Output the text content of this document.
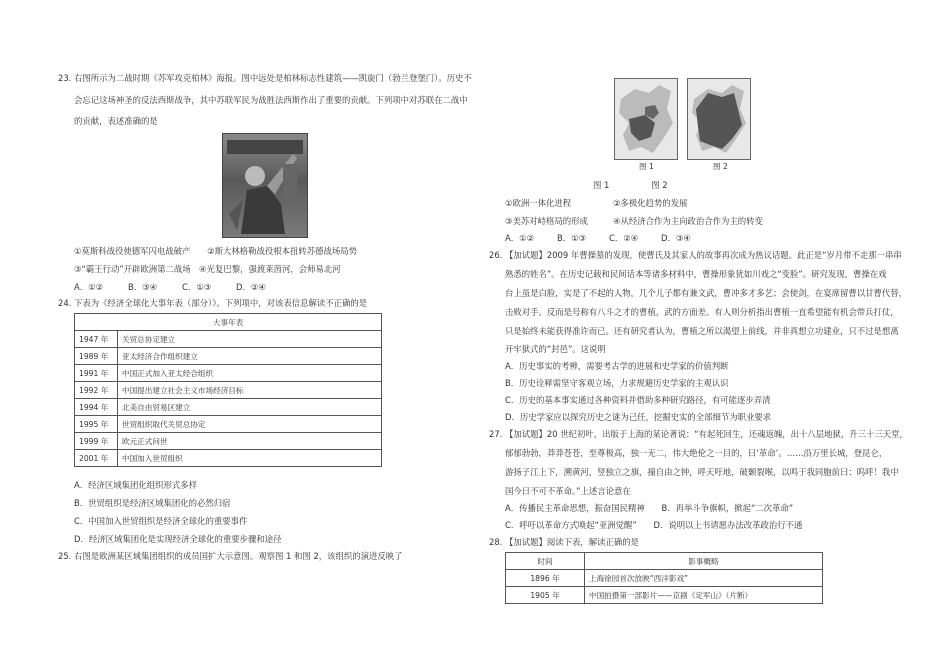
23. 右图所示为二战时期《苏军攻克柏林》海报。图中远处是柏林标志性建筑——凯旋门（勃兰登堡门）。历史不
会忘记这场神圣的反法西斯战争，其中苏联军民为战胜法西斯作出了重要的贡献。下列项中对苏联在二战中
的贡献，表述准确的是
①莫斯科战役使德军闪电战破产　　②斯大林格勒战役根本扭转苏德战场局势
③“霸王行动”开辟欧洲第二战场　④光复巴黎，强渡莱茵河，会师易北河
A．①②	B．③④	C．①③	D．②④
24. 下表为《经济全球化大事年表（部分）》。下列项中，对该表信息解读不正确的是
大事年表	
1947 年	关贸总协定建立
1989 年	亚太经济合作组织建立
1991 年	中国正式加入亚太经合组织
1992 年	中国提出建立社会主义市场经济目标
1994 年	北美自由贸易区建立
1995 年	世贸组织取代关贸总协定
1999 年	欧元正式问世
2001 年	中国加入世贸组织
A．经济区域集团化组织形式多样
B．世贸组织是经济区域集团化的必然归宿
C．中国加入世贸组织是经济全球化的重要事件
D．经济区域集团化是实现经济全球化的重要步骤和途径
25. 右图是欧洲某区域集团组织的成员国扩大示意图。观察图 1 和图 2，该组织的演进反映了
图 1	图 2
图 1　　　　　图 2
①欧洲一体化进程　　　　　②多极化趋势的发展
③美苏对峙格局的形成　　　④从经济合作为主向政治合作为主的转变
A．①②	B．①③	C．②④	D．③④
26. 【加试题】2009 年曹操墓的发现，使曹氏及其家人的故事再次成为热议话题。此正是“岁月带不走那一串串
熟悉的姓名”。在历史记载和民间话本等诸多材料中，曹操形象犹如川戏之“变脸”。研究发现，曹操在戏
台上虽是白脸，实是了不起的人物，几个儿子都有兼文武，曹冲多才多艺；会使剑，在宴席留曹以甘曹代替，
击败对手。反而是号称有八斗之才的曹植，武的方面差。有人则分析指出曹植一直希望能有机会带兵打仗，
只是始终未能获得准许而已。还有研究者认为，曹植之所以渴望上前线，并非真想立功建业，只不过是想离
开牢狱式的“封邑”。这说明
A．历史事实的考辨，需要考古学的进展和史学家的价值判断
B．历史诠释需坚守客观立场，力求规避历史学家的主观认识
C．历史的基本事实通过各种资料并借助多种研究路径，有可能逐步弄清
D．历史学家应以探究历史之谜为己任，挖掘史实的全部细节为职业要求
27. 【加试题】20 世纪初叶，出版于上海的某论著说：“有起死回生，还魂返魄，出十八层地狱，升三十三天堂，
郁郁勃勃，莽莽苍苍，至尊极高，独一无二，伟大绝伦之一目的，曰‘革命’。……沿万里长城，登昆仑，
游扬子江上下，溯黄河，竖独立之旗，撞自由之钟，呼天吁地，破颡裂喉，以鸣于我同胞前曰：呜呼！我中
国今日不可不革命。”上述言论意在
A．传播民主革命思想，振奋国民精神　　B．再举斗争旗帜，掀起“二次革命”
C．呼吁以革命方式唤起“亚洲觉醒”　　D．说明以上书请愿办法改革政治行不通
28. 【加试题】阅读下表，解读正确的是
时间	影事概略
1896 年	上海徐园首次放映“西洋影戏”
1905 年	中国拍摄第一部影片——京剧《定军山》（片断）
